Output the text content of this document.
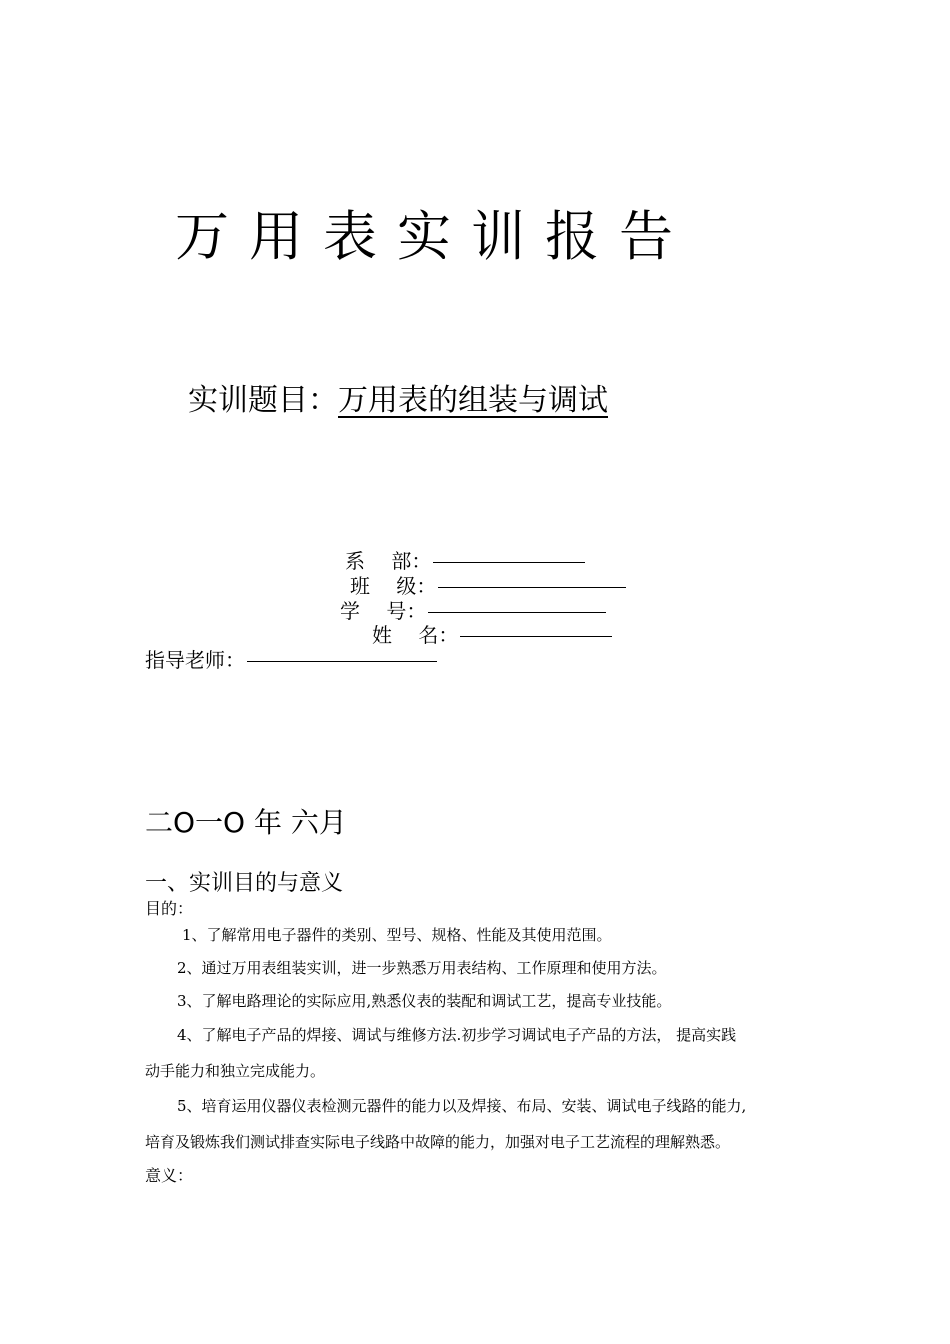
万用表实训报告
实训题目：万用表的组装与调试
系　 部：
班　 级：
学　 号：
姓　 名：
指导老师：
二O一O 年 六月
一、实训目的与意义
目的：
1、了解常用电子器件的类别、型号、规格、性能及其使用范围。
2、通过万用表组装实训，进一步熟悉万用表结构、工作原理和使用方法。
3、了解电路理论的实际应用,熟悉仪表的装配和调试工艺，提高专业技能。
4、了解电子产品的焊接、调试与维修方法.初步学习调试电子产品的方法， 提高实践
动手能力和独立完成能力。
5、培育运用仪器仪表检测元器件的能力以及焊接、布局、安装、调试电子线路的能力,
培育及锻炼我们测试排查实际电子线路中故障的能力，加强对电子工艺流程的理解熟悉。
意义：
